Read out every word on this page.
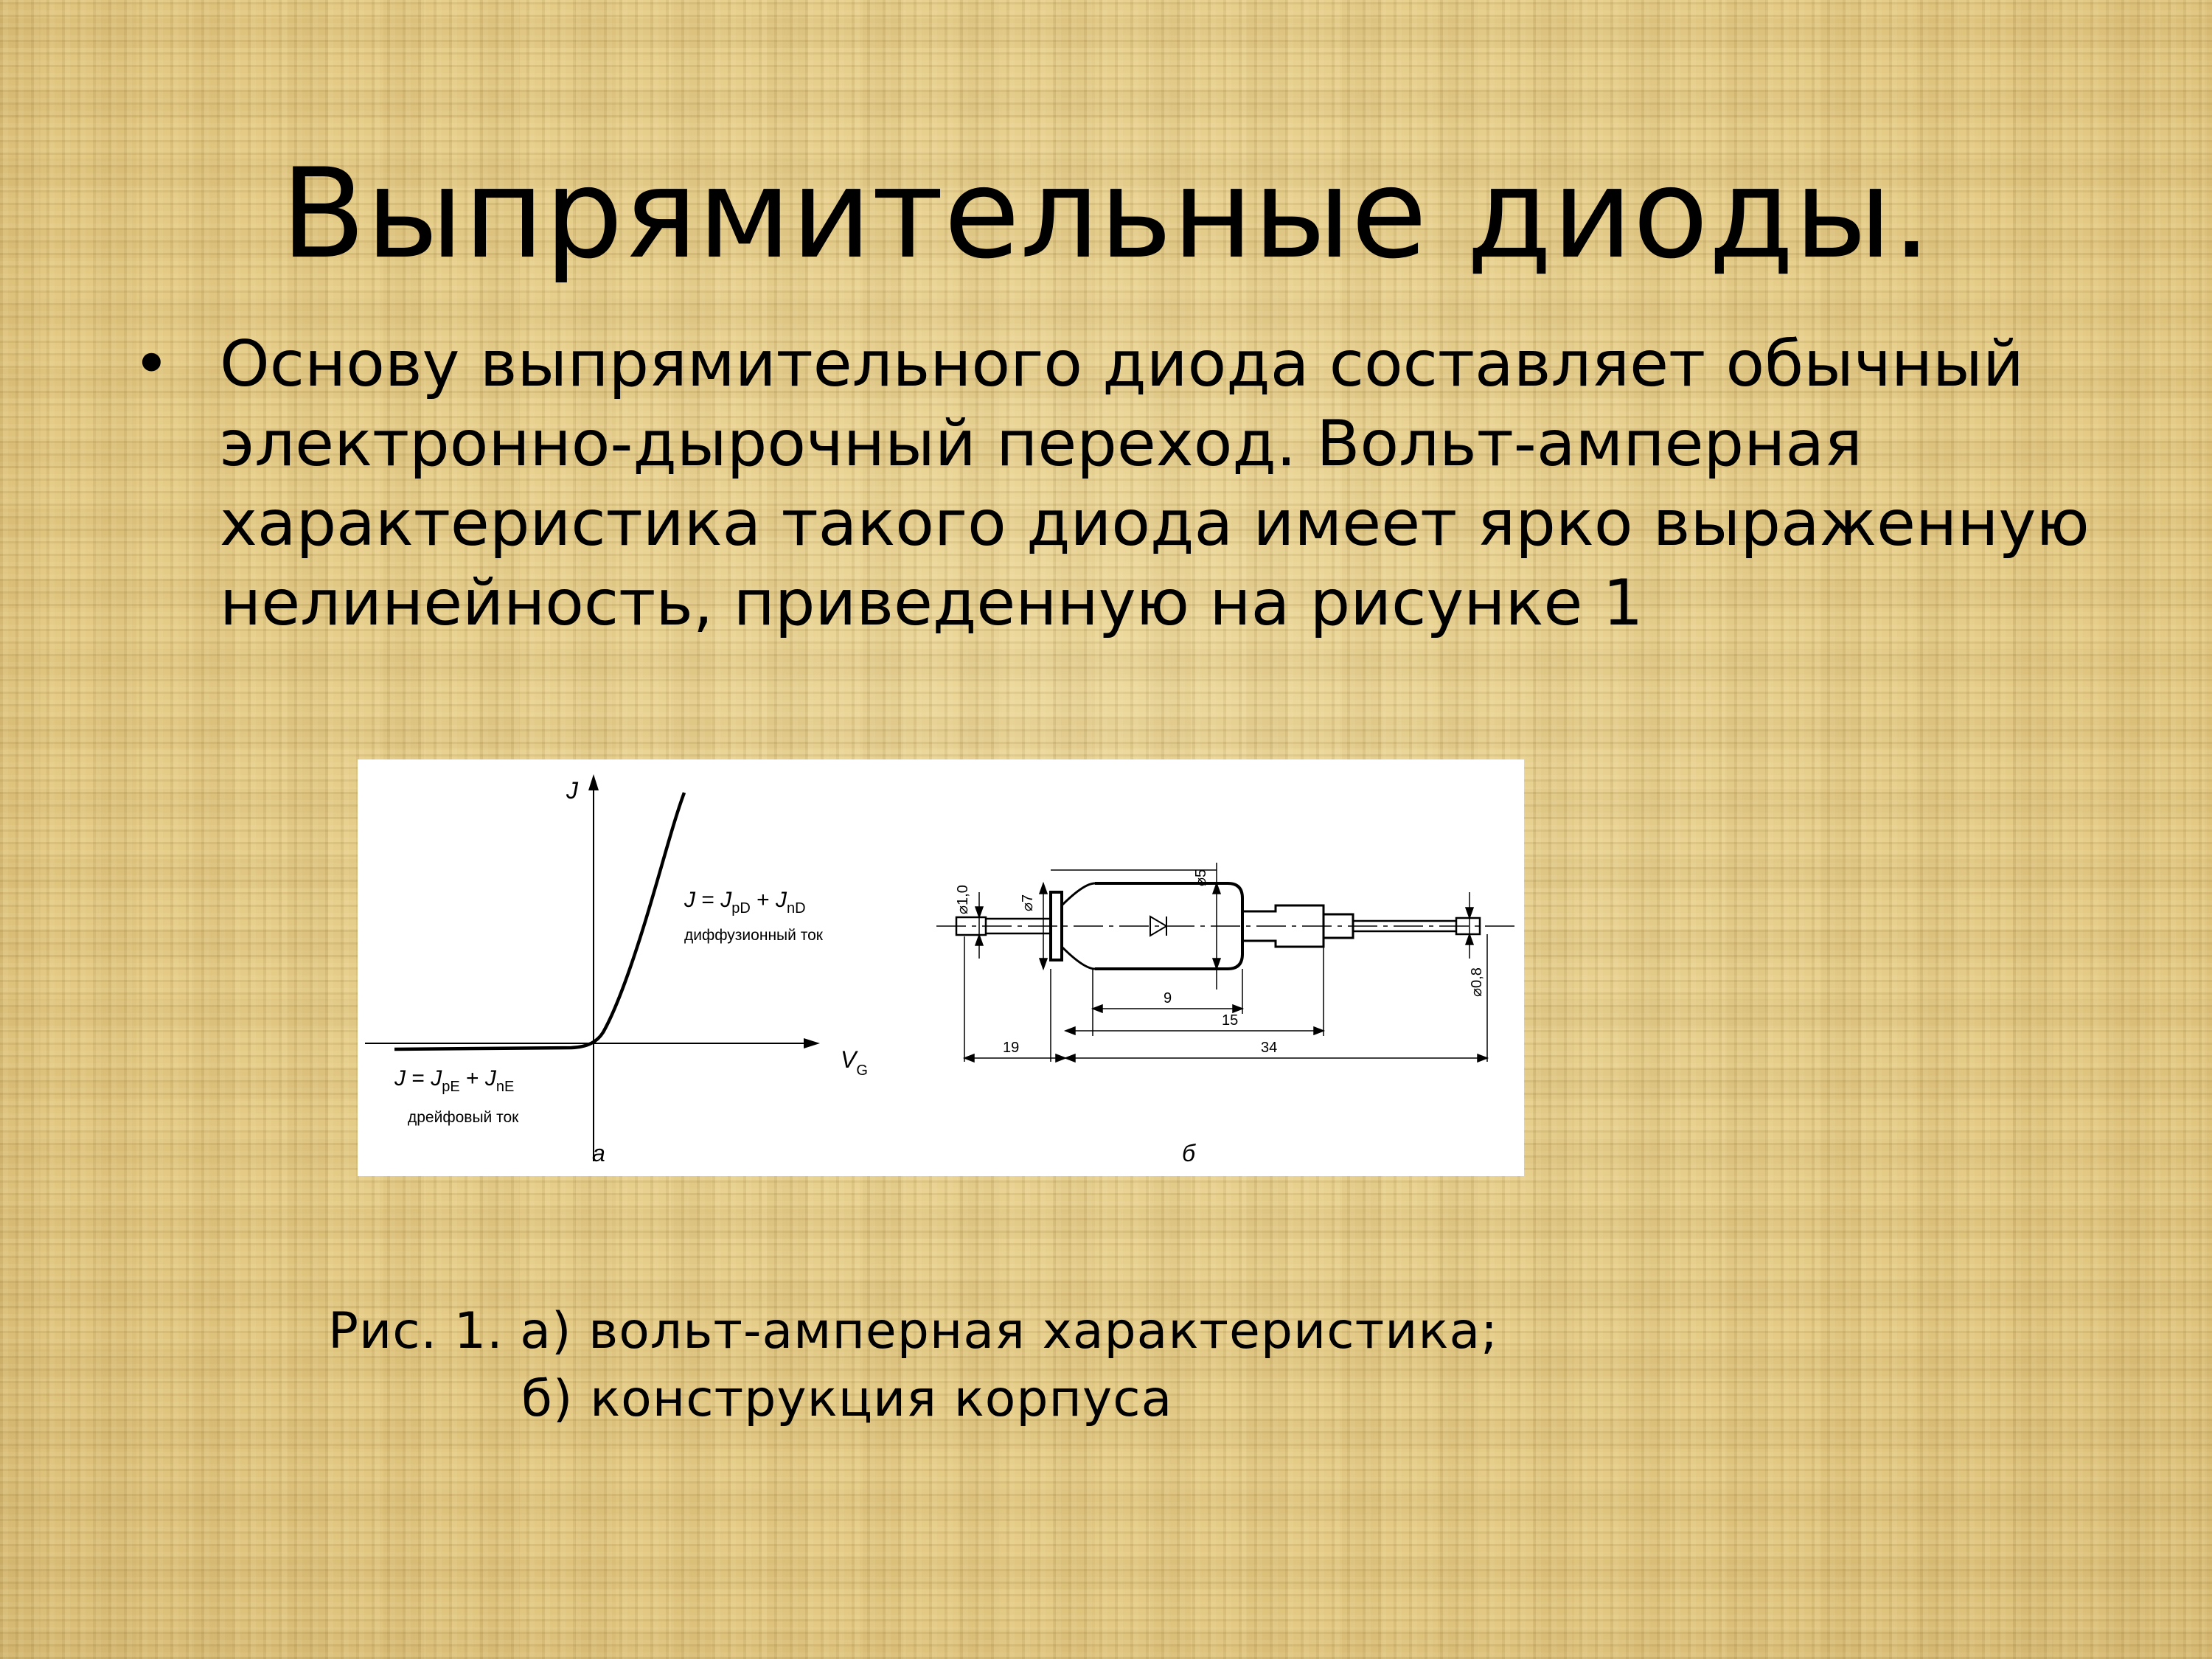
Выпрямительные диоды.
• Основу выпрямительного диода составляет обычный электронно-дырочный переход. Вольт-амперная характеристика такого диода имеет ярко выраженную нелинейность, приведенную на рисунке 1

J
$V_G$
$J = J_{pD} + J_{nD}$
диффузионный ток
$J = J_{pE} + J_{nE}$
дрейфовый ток
а
⌀1,0	⌀7
⌀5
⌀0,8
9
15
19	34
б
Рис. 1. а) вольт-амперная характеристика;
б) конструкция корпуса
